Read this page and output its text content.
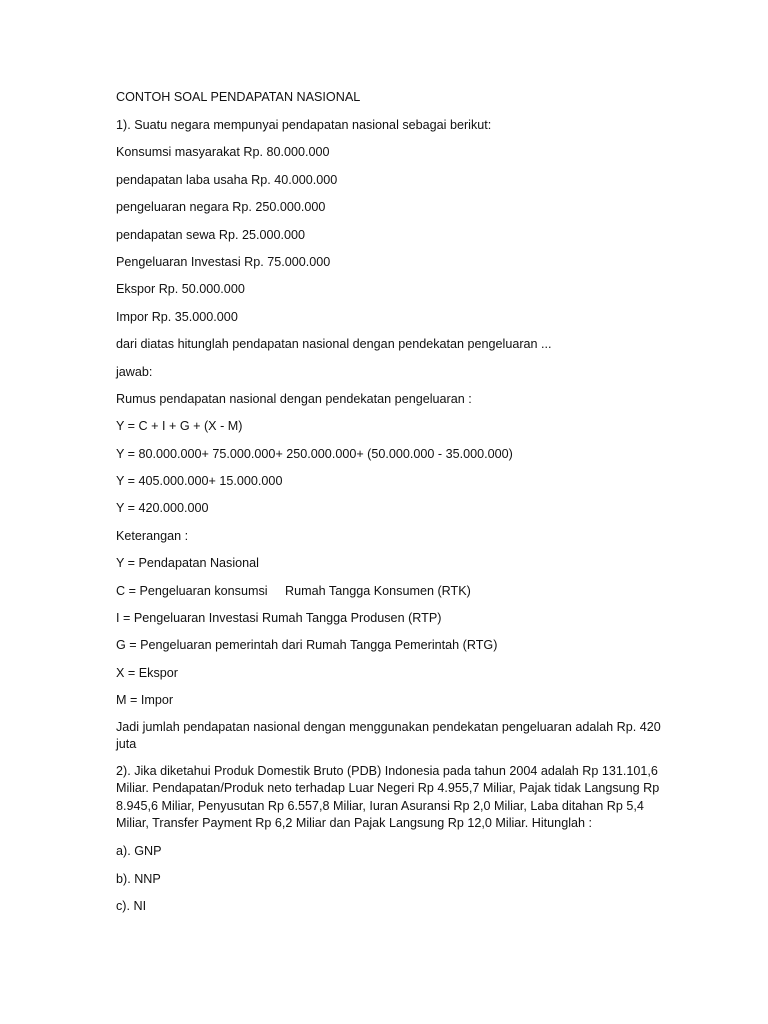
CONTOH SOAL PENDAPATAN NASIONAL
1). Suatu negara mempunyai pendapatan nasional sebagai berikut:
Konsumsi masyarakat Rp. 80.000.000
pendapatan laba usaha Rp. 40.000.000
pengeluaran negara Rp. 250.000.000
pendapatan sewa Rp. 25.000.000
Pengeluaran Investasi Rp. 75.000.000
Ekspor Rp. 50.000.000
Impor Rp. 35.000.000
dari diatas hitunglah pendapatan nasional dengan pendekatan pengeluaran ...
jawab:
Rumus pendapatan nasional dengan pendekatan pengeluaran :
Y = C + I + G + (X - M)
Y = 80.000.000+ 75.000.000+ 250.000.000+ (50.000.000 - 35.000.000)
Y = 405.000.000+ 15.000.000
Y = 420.000.000
Keterangan :
Y = Pendapatan Nasional
C = Pengeluaran konsumsi     Rumah Tangga Konsumen (RTK)
I = Pengeluaran Investasi Rumah Tangga Produsen (RTP)
G = Pengeluaran pemerintah dari Rumah Tangga Pemerintah (RTG)
X = Ekspor
M = Impor
Jadi jumlah pendapatan nasional dengan menggunakan pendekatan pengeluaran adalah Rp. 420 juta
2). Jika diketahui Produk Domestik Bruto (PDB) Indonesia pada tahun 2004 adalah Rp 131.101,6 Miliar. Pendapatan/Produk neto terhadap Luar Negeri Rp 4.955,7 Miliar, Pajak tidak Langsung Rp 8.945,6 Miliar, Penyusutan Rp 6.557,8 Miliar, Iuran Asuransi Rp 2,0 Miliar, Laba ditahan Rp 5,4 Miliar, Transfer Payment Rp 6,2 Miliar dan Pajak Langsung Rp 12,0 Miliar. Hitunglah :
a). GNP
b). NNP
c). NI
